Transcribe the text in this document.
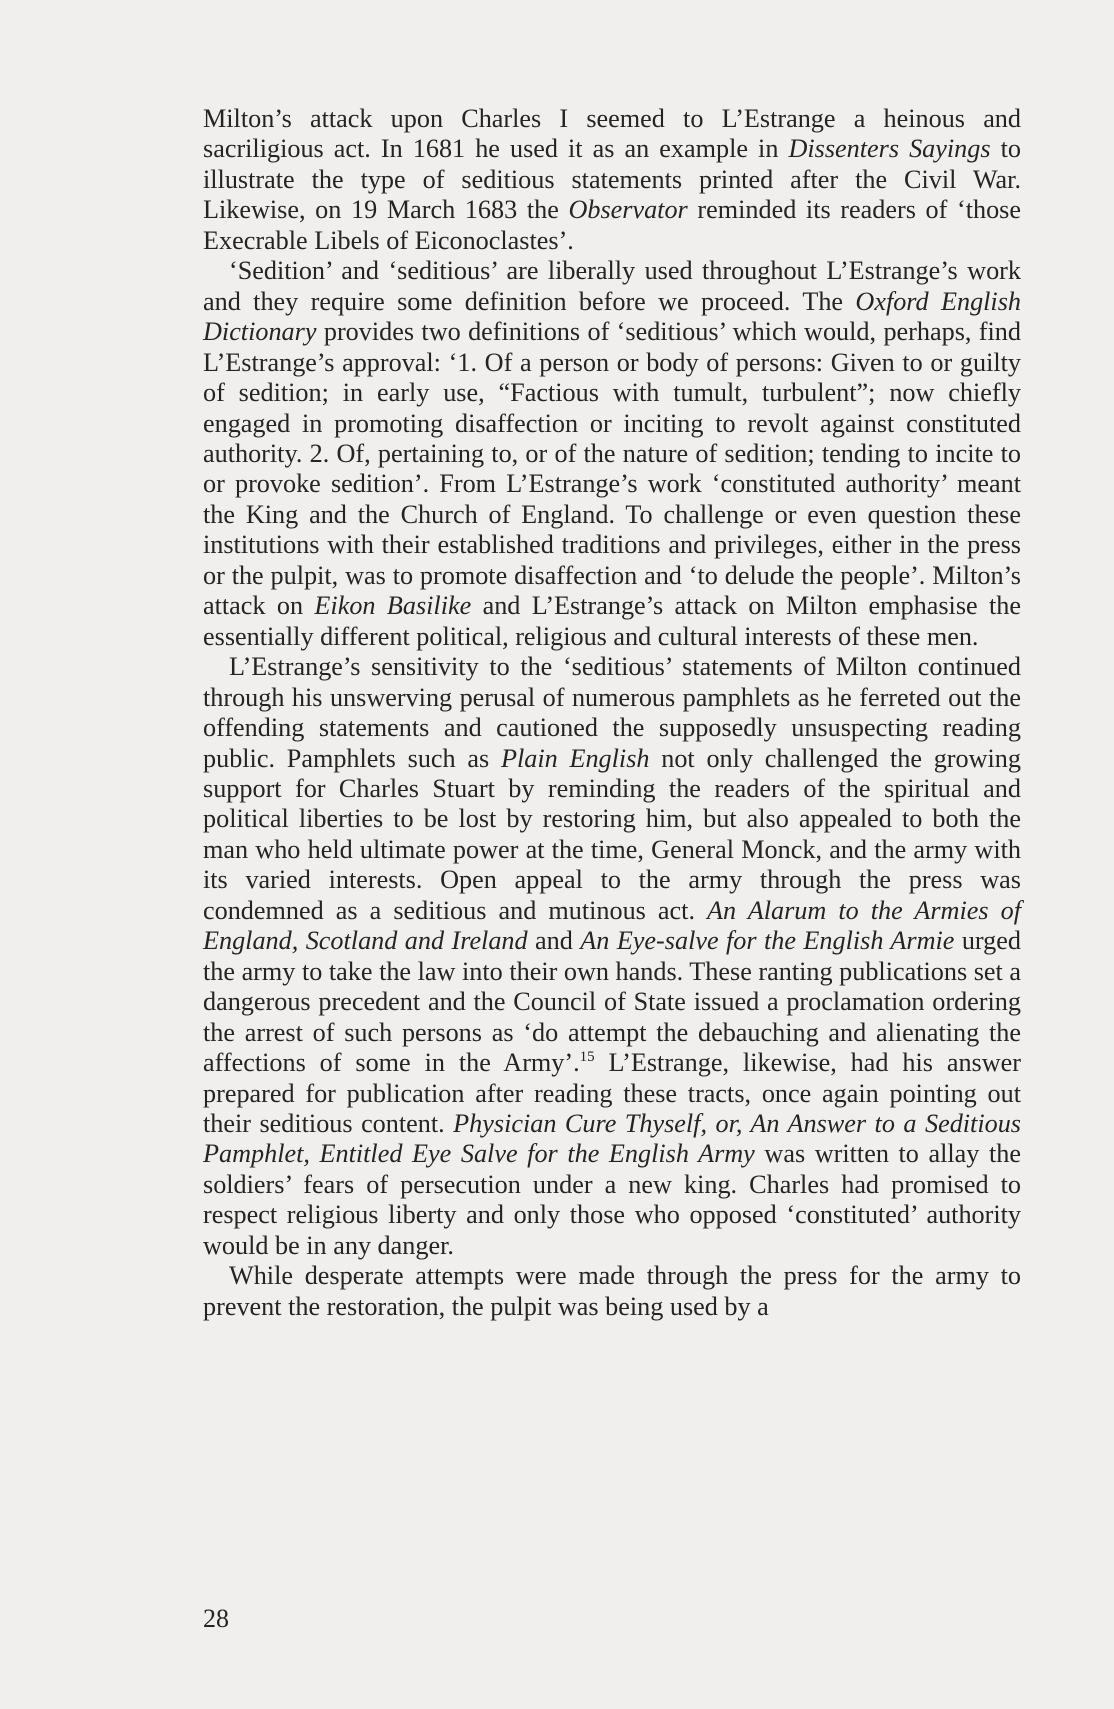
Milton’s attack upon Charles I seemed to L’Estrange a heinous and sacriligious act. In 1681 he used it as an example in Dissenters Sayings to illustrate the type of seditious statements printed after the Civil War. Likewise, on 19 March 1683 the Observator reminded its readers of ‘those Execrable Libels of Eiconoclastes’.

‘Sedition’ and ‘seditious’ are liberally used throughout L’Estrange’s work and they require some definition before we proceed. The Oxford English Dictionary provides two definitions of ‘seditious’ which would, perhaps, find L’Estrange’s approval: ‘1. Of a person or body of persons: Given to or guilty of sedition; in early use, “Factious with tumult, turbulent”; now chiefly engaged in promoting disaffection or inciting to revolt against constituted authority. 2. Of, pertaining to, or of the nature of sedition; tending to incite to or provoke sedition’. From L’Estrange’s work ‘constituted authority’ meant the King and the Church of England. To challenge or even question these institutions with their established traditions and privileges, either in the press or the pulpit, was to promote disaffection and ‘to delude the people’. Milton’s attack on Eikon Basilike and L’Estrange’s attack on Milton emphasise the essentially different political, religious and cultural interests of these men.

L’Estrange’s sensitivity to the ‘seditious’ statements of Milton continued through his unswerving perusal of numerous pamphlets as he ferreted out the offending statements and cautioned the supposedly unsuspecting reading public. Pamphlets such as Plain English not only challenged the growing support for Charles Stuart by reminding the readers of the spiritual and political liberties to be lost by restoring him, but also appealed to both the man who held ultimate power at the time, General Monck, and the army with its varied interests. Open appeal to the army through the press was condemned as a seditious and mutinous act. An Alarum to the Armies of England, Scotland and Ireland and An Eye-salve for the English Armie urged the army to take the law into their own hands. These ranting publications set a dangerous precedent and the Council of State issued a proclamation ordering the arrest of such persons as ‘do attempt the debauching and alienating the affections of some in the Army’.$^{15}$ L’Estrange, likewise, had his answer prepared for publication after reading these tracts, once again pointing out their seditious content. Physician Cure Thyself, or, An Answer to a Seditious Pamphlet, Entitled Eye Salve for the English Army was written to allay the soldiers’ fears of persecution under a new king. Charles had promised to respect religious liberty and only those who opposed ‘constituted’ authority would be in any danger.

While desperate attempts were made through the press for the army to prevent the restoration, the pulpit was being used by a

28
